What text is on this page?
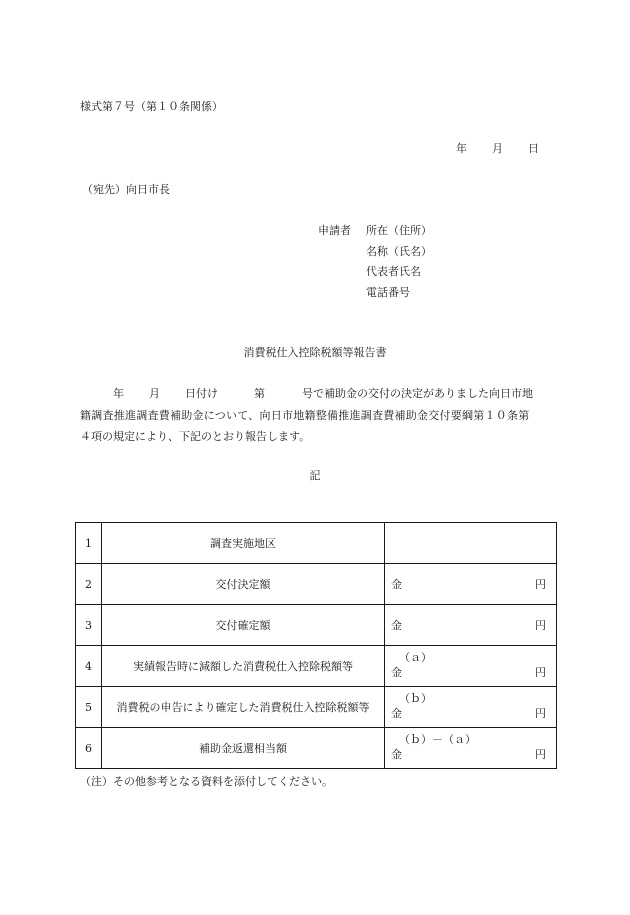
様式第７号（第１０条関係）
年 月 日
（宛先）向日市長
申請者 所在（住所）
名称（氏名）
代表者氏名
電話番号
消費税仕入控除税額等報告書
年 月 日付け	第	号で補助金の交付の決定がありました向日市地
籍調査推進調査費補助金について、向日市地籍整備推進調査費補助金交付要綱第１０条第
４項の規定により、下記のとおり報告します。
記
1	調査実施地区	

2	交付決定額	金 円

3	交付確定額	金 円

4	実績報告時に減額した消費税仕入控除税額等	（ａ）
金 円

5	消費税の申告により確定した消費税仕入控除税額等	（ｂ）
金 円

6	補助金返還相当額	（ｂ）－（ａ）
金 円
（注）その他参考となる資料を添付してください。
